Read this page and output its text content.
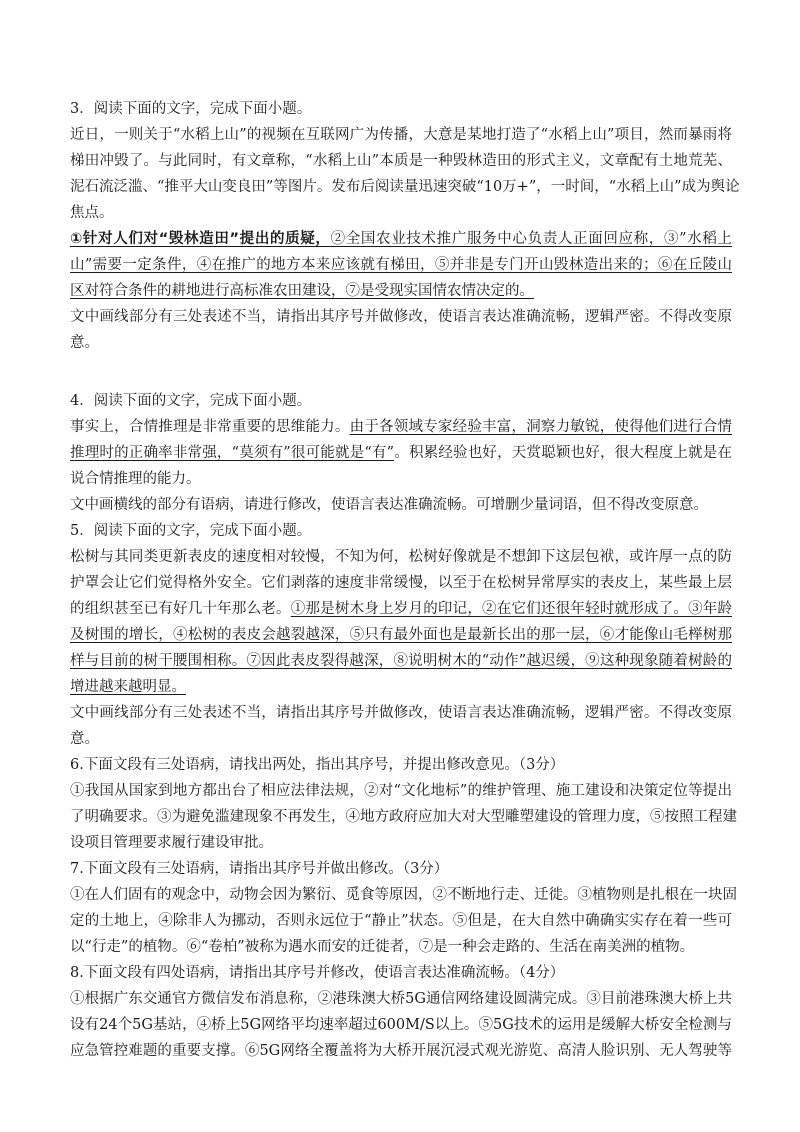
3．阅读下面的文字，完成下面小题。
近日，一则关于“水稻上山”的视频在互联网广为传播，大意是某地打造了“水稻上山”项目，然而暴雨将
梯田冲毁了。与此同时，有文章称，“水稻上山”本质是一种毁林造田的形式主义，文章配有土地荒芜、
泥石流泛滥、“推平大山变良田”等图片。发布后阅读量迅速突破“10万+”，一时间，“水稻上山”成为舆论
焦点。
①针对人们对“毁林造田”提出的质疑，②全国农业技术推广服务中心负责人正面回应称，③”水稻上
山”需要一定条件，④在推广的地方本来应该就有梯田，⑤并非是专门开山毁林造出来的；⑥在丘陵山
区对符合条件的耕地进行高标准农田建设，⑦是受现实国情农情决定的。
文中画线部分有三处表述不当，请指出其序号并做修改，使语言表达准确流畅，逻辑严密。不得改变原
意。
4．阅读下面的文字，完成下面小题。
事实上，合情推理是非常重要的思维能力。由于各领域专家经验丰富，洞察力敏锐，使得他们进行合情
推理时的正确率非常强，“莫须有”很可能就是“有”。积累经验也好，天赏聪颖也好，很大程度上就是在
说合情推理的能力。
文中画横线的部分有语病，请进行修改，使语言表达准确流畅。可增删少量词语，但不得改变原意。
5．阅读下面的文字，完成下面小题。
松树与其同类更新表皮的速度相对较慢，不知为何，松树好像就是不想卸下这层包袱，或许厚一点的防
护罩会让它们觉得格外安全。它们剥落的速度非常缓慢，以至于在松树异常厚实的表皮上，某些最上层
的组织甚至已有好几十年那么老。①那是树木身上岁月的印记，②在它们还很年轻时就形成了。③年龄
及树围的增长，④松树的表皮会越裂越深，⑤只有最外面也是最新长出的那一层，⑥才能像山毛榉树那
样与目前的树干腰围相称。⑦因此表皮裂得越深，⑧说明树木的“动作”越迟缓，⑨这种现象随着树龄的
增进越来越明显。
文中画线部分有三处表述不当，请指出其序号并做修改，使语言表达准确流畅，逻辑严密。不得改变原
意。
6.下面文段有三处语病，请找出两处，指出其序号，并提出修改意见。（3分）
①我国从国家到地方都出台了相应法律法规，②对“文化地标”的维护管理、施工建设和决策定位等提出
了明确要求。③为避免滥建现象不再发生，④地方政府应加大对大型雕塑建设的管理力度，⑤按照工程建
设项目管理要求履行建设审批。
7.下面文段有三处语病，请指出其序号并做出修改。（3分）
①在人们固有的观念中，动物会因为繁衍、觅食等原因，②不断地行走、迁徙。③植物则是扎根在一块固
定的土地上，④除非人为挪动，否则永远位于“静止”状态。⑤但是，在大自然中确确实实存在着一些可
以“行走”的植物。⑥“卷柏”被称为遇水而安的迁徙者，⑦是一种会走路的、生活在南美洲的植物。
8.下面文段有四处语病，请指出其序号并修改，使语言表达准确流畅。（4分）
①根据广东交通官方微信发布消息称，②港珠澳大桥5G通信网络建设圆满完成。③目前港珠澳大桥上共
设有24个5G基站，④桥上5G网络平均速率超过600M/S以上。⑤5G技术的运用是缓解大桥安全检测与
应急管控难题的重要支撑。⑥5G网络全覆盖将为大桥开展沉浸式观光游览、高清人脸识别、无人驾驶等
